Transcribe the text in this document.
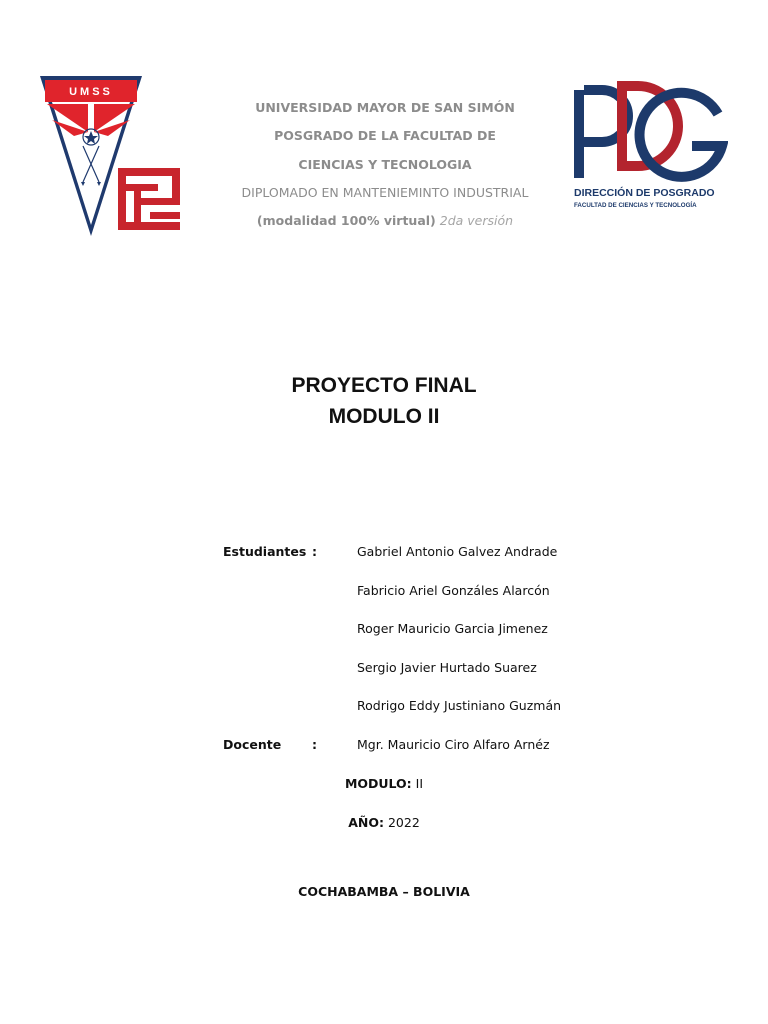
UMSS
UNIVERSIDAD MAYOR DE SAN SIMÓN
POSGRADO DE LA FACULTAD DE
CIENCIAS Y TECNOLOGIA
DIPLOMADO EN MANTENIEMINTO INDUSTRIAL
(modalidad 100% virtual) 2da versión
DIRECCIÓN DE POSGRADO
FACULTAD DE CIENCIAS Y TECNOLOGÍA
PROYECTO FINAL
MODULO II
Estudiantes :	Gabriel Antonio Galvez Andrade
Fabricio Ariel Gonzáles Alarcón
Roger Mauricio Garcia Jimenez
Sergio Javier Hurtado Suarez
Rodrigo Eddy Justiniano Guzmán
Docente :	Mgr. Mauricio Ciro Alfaro Arnéz
MODULO: II
AÑO: 2022
COCHABAMBA – BOLIVIA
